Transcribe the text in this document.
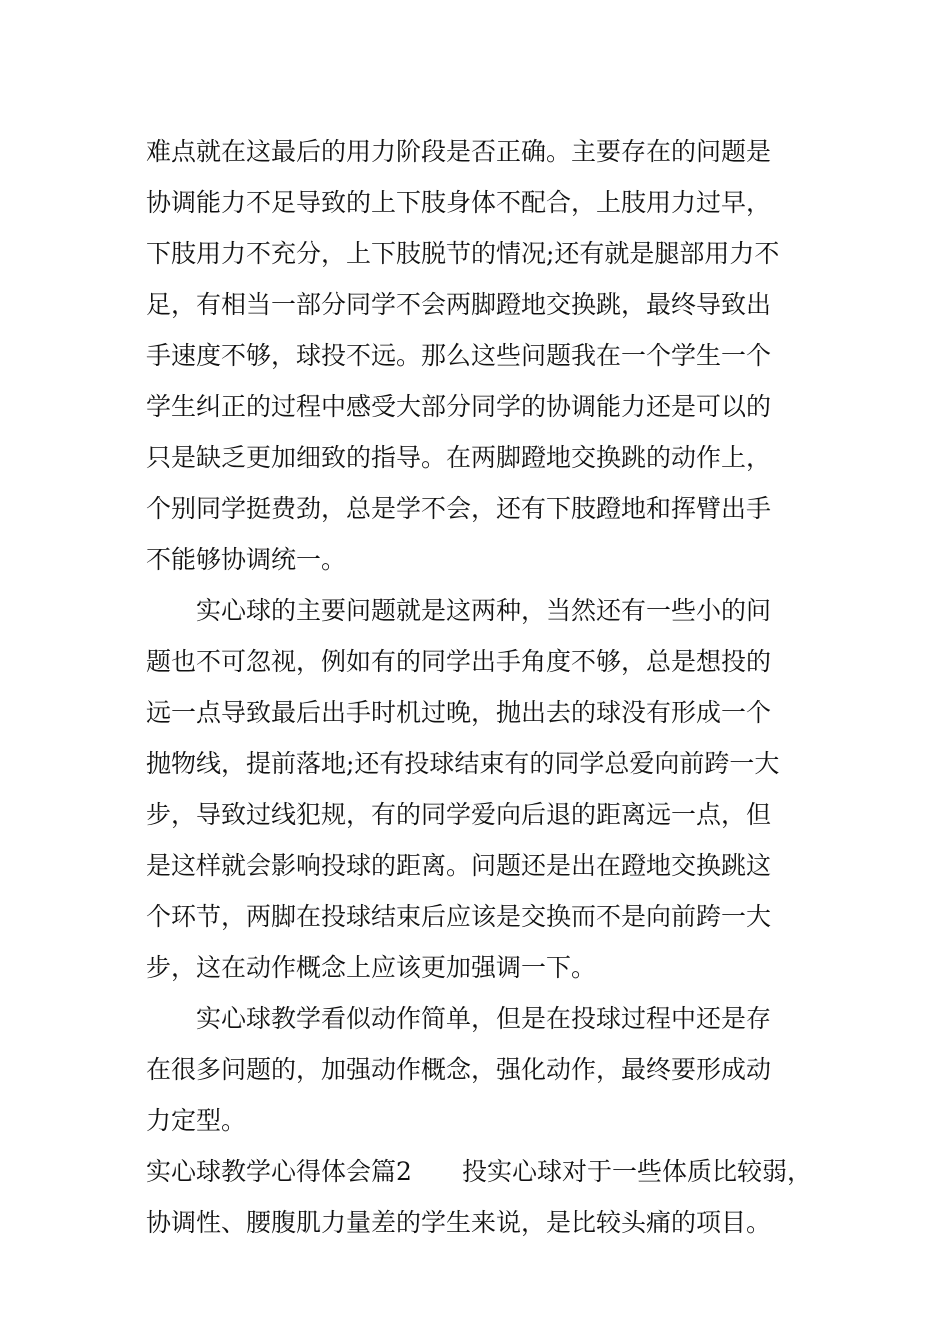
难点就在这最后的用力阶段是否正确。主要存在的问题是

协调能力不足导致的上下肢身体不配合，上肢用力过早，

下肢用力不充分，上下肢脱节的情况;还有就是腿部用力不

足，有相当一部分同学不会两脚蹬地交换跳，最终导致出

手速度不够，球投不远。那么这些问题我在一个学生一个

学生纠正的过程中感受大部分同学的协调能力还是可以的

只是缺乏更加细致的指导。在两脚蹬地交换跳的动作上，

个别同学挺费劲，总是学不会，还有下肢蹬地和挥臂出手

不能够协调统一。

　　实心球的主要问题就是这两种，当然还有一些小的问

题也不可忽视，例如有的同学出手角度不够，总是想投的

远一点导致最后出手时机过晚，抛出去的球没有形成一个

抛物线，提前落地;还有投球结束有的同学总爱向前跨一大

步，导致过线犯规，有的同学爱向后退的距离远一点，但

是这样就会影响投球的距离。问题还是出在蹬地交换跳这

个环节，两脚在投球结束后应该是交换而不是向前跨一大

步，这在动作概念上应该更加强调一下。

　　实心球教学看似动作简单，但是在投球过程中还是存

在很多问题的，加强动作概念，强化动作，最终要形成动

力定型。

实心球教学心得体会篇2 投实心球对于一些体质比较弱，

协调性、腰腹肌力量差的学生来说，是比较头痛的项目。
